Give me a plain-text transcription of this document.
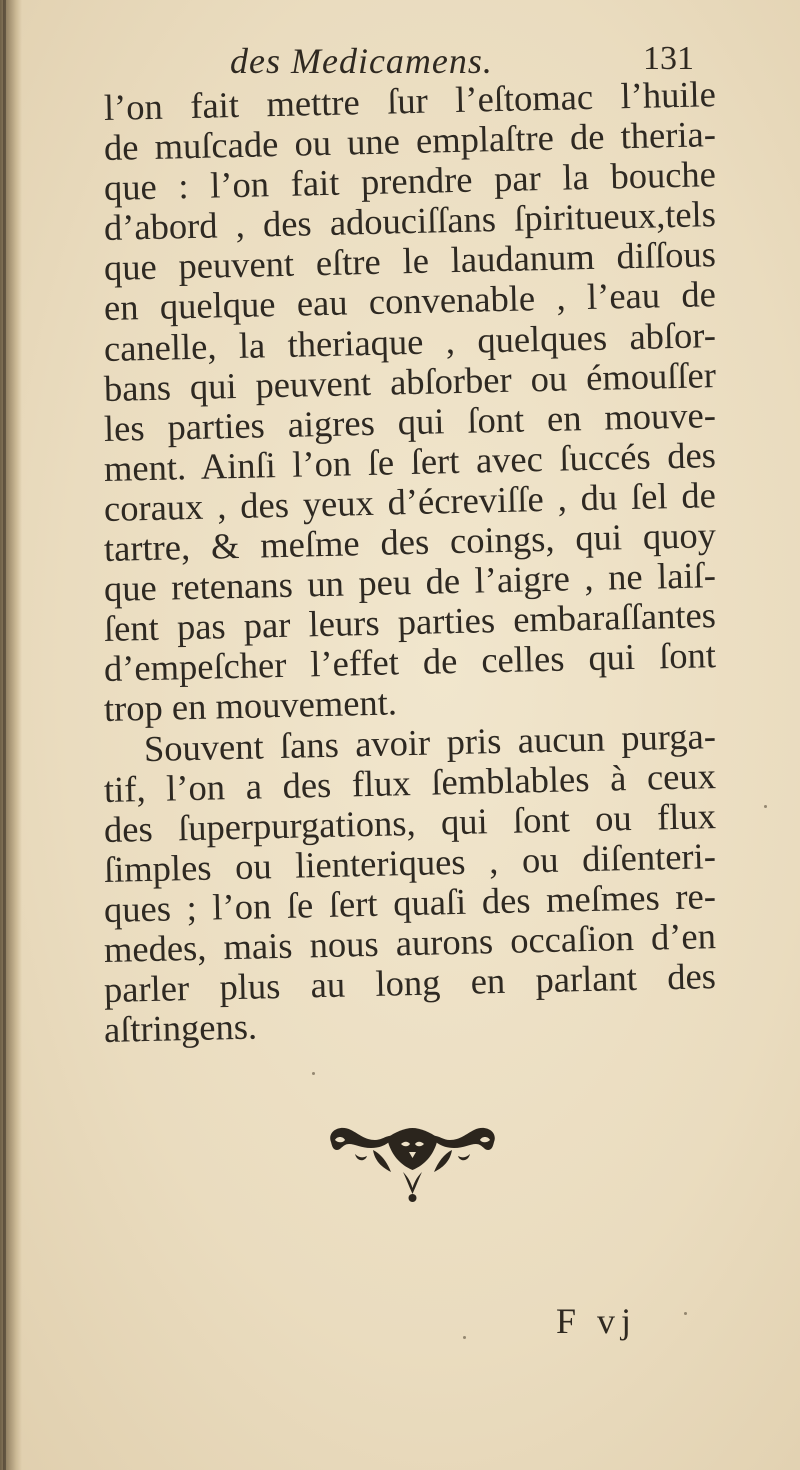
des Medicamens.	131
l’on fait mettre ſur l’eſtomac l’huile
de muſcade ou une emplaſtre de theria-
que : l’on fait prendre par la bouche
d’abord , des adouciſſans ſpiritueux,tels
que peuvent eſtre le laudanum diſſous
en quelque eau convenable , l’eau de
canelle, la theriaque , quelques abſor-
bans qui peuvent abſorber ou émouſſer
les parties aigres qui ſont en mouve-
ment. Ainſi l’on ſe ſert avec ſuccés des
coraux , des yeux d’écreviſſe , du ſel de
tartre, & meſme des coings, qui quoy
que retenans un peu de l’aigre , ne laiſ-
ſent pas par leurs parties embaraſſantes
d’empeſcher l’effet de celles qui ſont
trop en mouvement.
Souvent ſans avoir pris aucun purga-
tif, l’on a des flux ſemblables à ceux
des ſuperpurgations, qui ſont ou flux
ſimples ou lienteriques , ou diſenteri-
ques ; l’on ſe ſert quaſi des meſmes re-
medes, mais nous aurons occaſion d’en
parler plus au long en parlant des
aſtringens.
F vj
